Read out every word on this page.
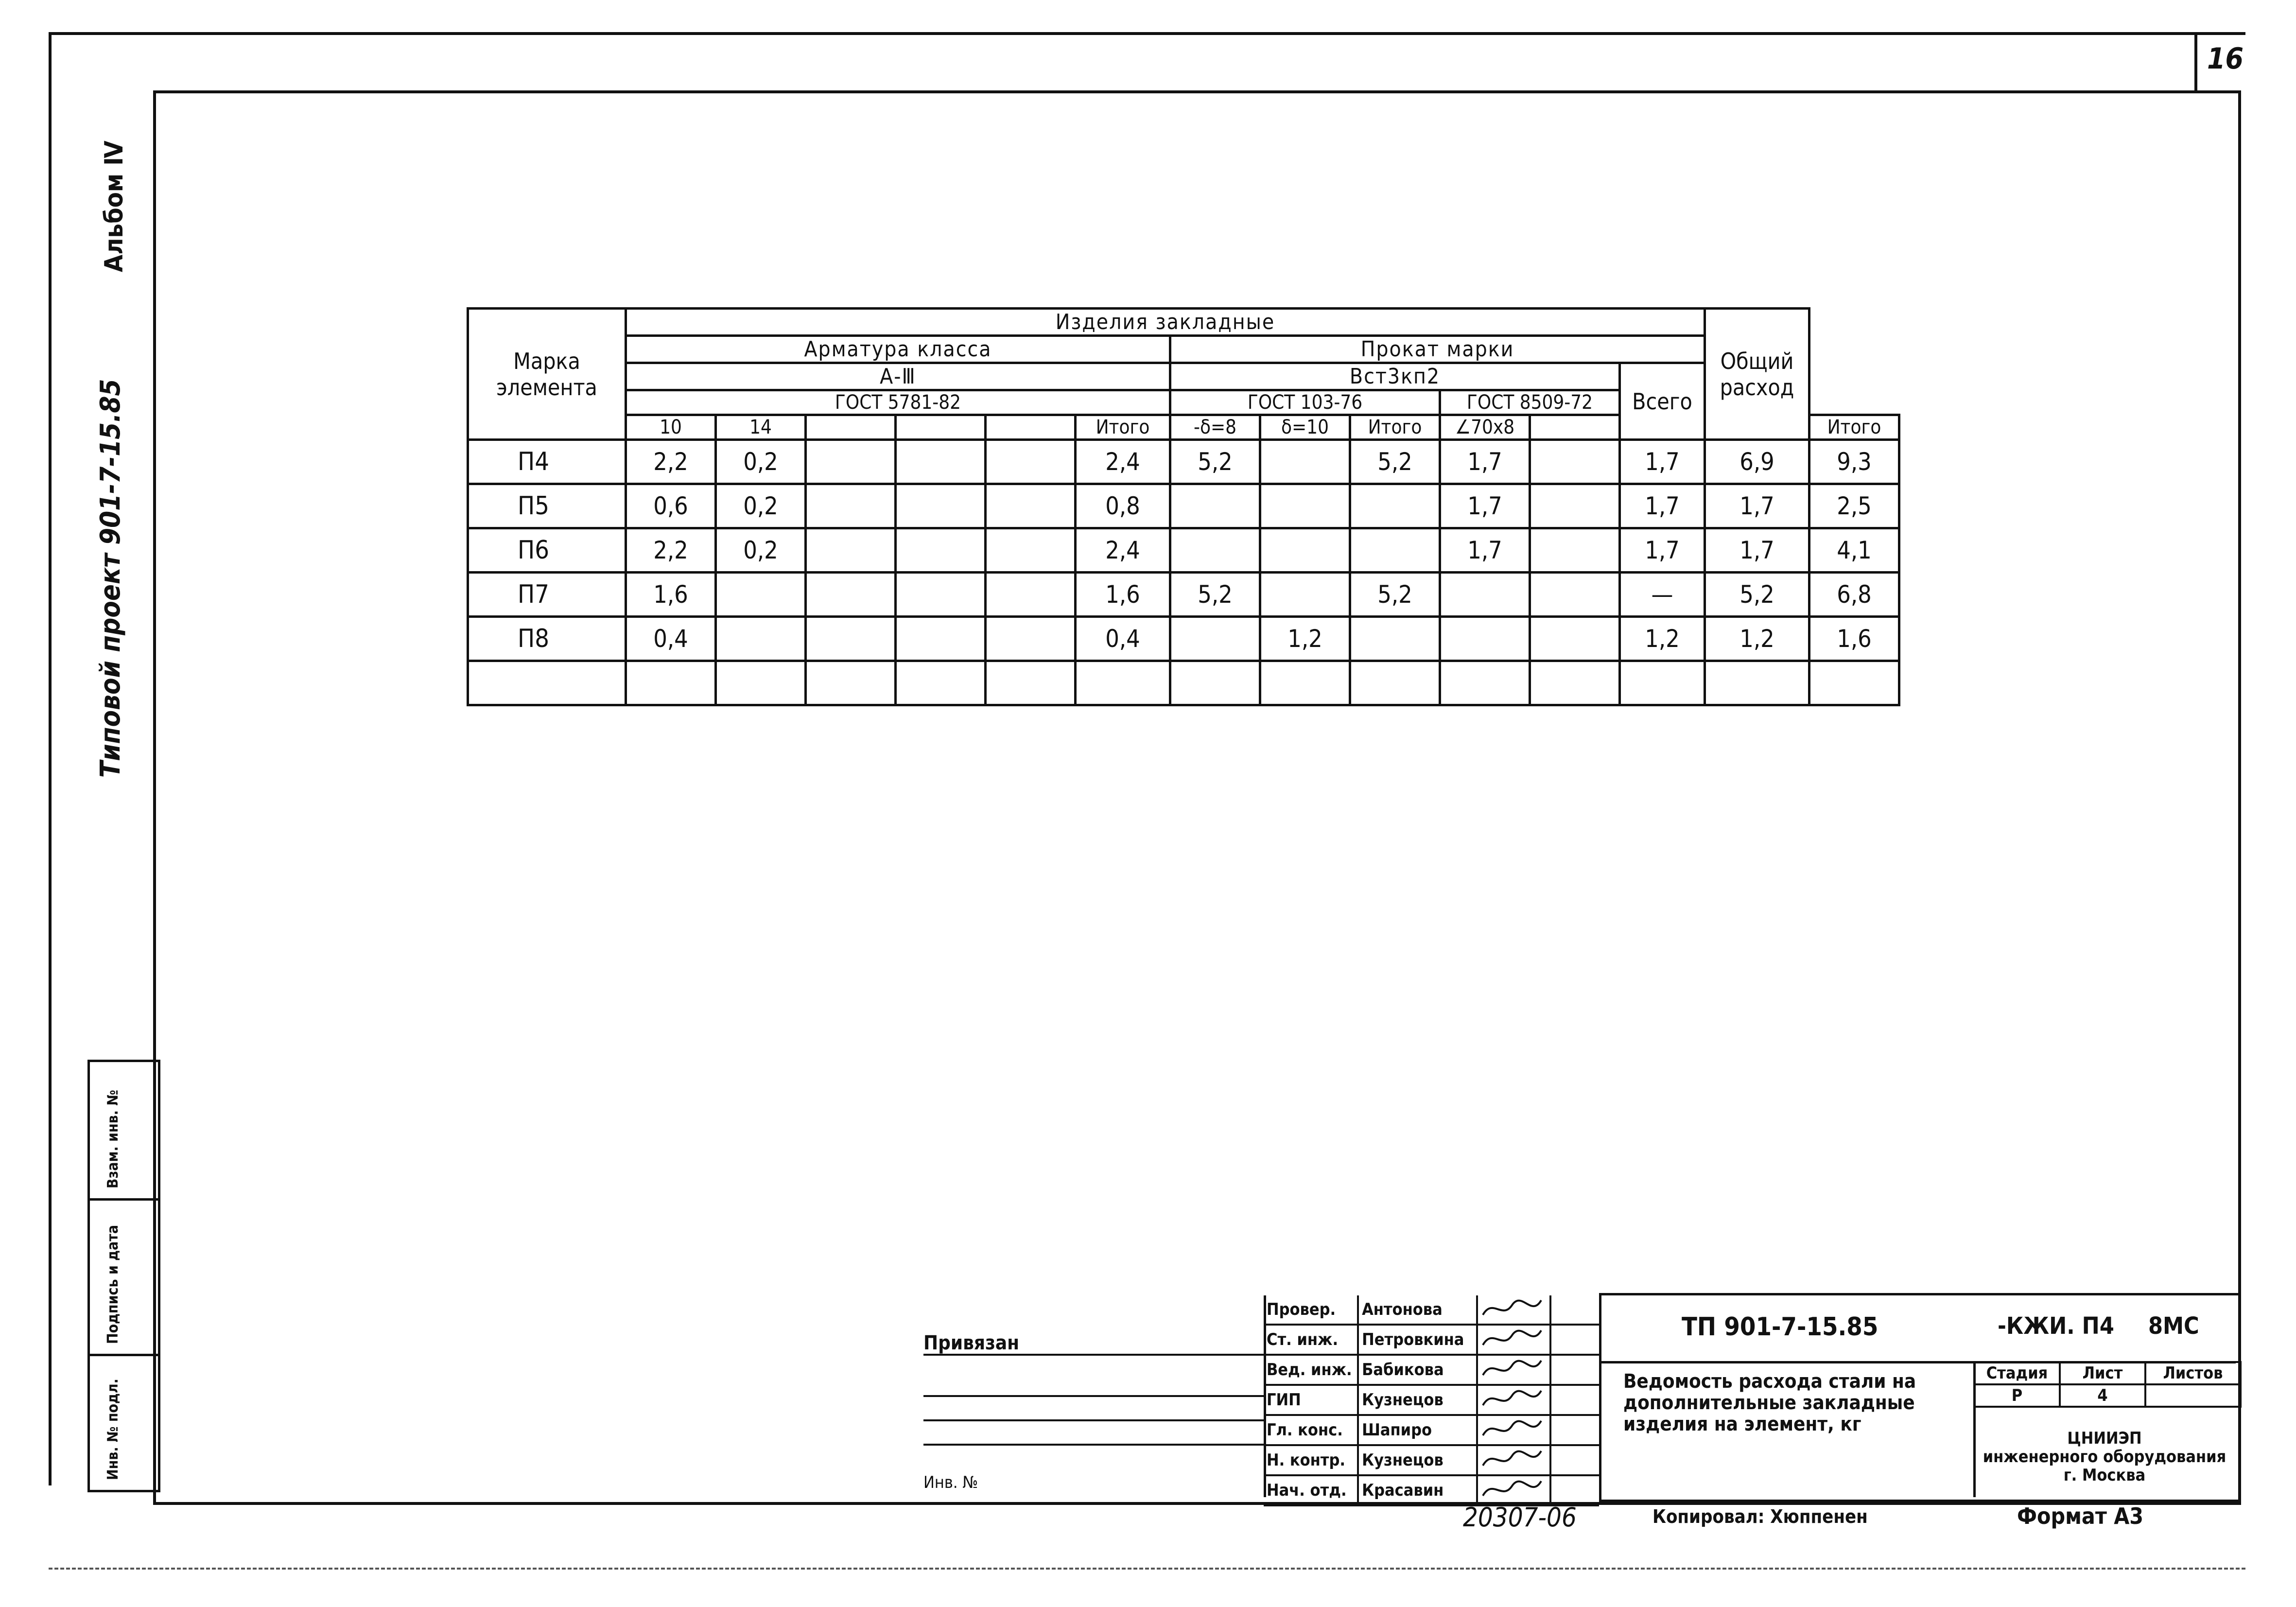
16
Альбом Ⅳ
Типовой проект 901-7-15.85
Взам. инв. №
Подпись и дата
Инв. № подл.
Марка элемента	Изделия закладные												Общий расход	
	Арматура класса						Прокат марки							
	А-Ⅲ						Вст3кп2					Всего		
	ГОСТ 5781-82						ГОСТ 103-76			ГОСТ 8509-72				
	10	14				Итого	-δ=8	δ=10	Итого	∠70x8				Итого
П4	2,2	0,2				2,4	5,2		5,2	1,7		1,7	6,9	9,3
П5	0,6	0,2				0,8				1,7		1,7	1,7	2,5
П6	2,2	0,2				2,4				1,7		1,7	1,7	4,1
П7	1,6					1,6	5,2		5,2			—	5,2	6,8
П8	0,4					0,4		1,2				1,2	1,2	1,6

Привязан
Инв. №
Провер.	Антонова
Ст. инж.	Петровкина
Вед. инж. Бабикова
ГИП	Кузнецов
Гл. конс.	Шапиро
Н. контр.	Кузнецов
Нач. отд. Красавин
ТП 901-7-15.85	-КЖИ. П4 8МС
Ведомость расхода стали на дополнительные закладные изделия на элемент, кг
Стадия	Лист	Листов
Р	4	
ЦНИИЭП
инженерного оборудования
г. Москва
20307-06	Копировал: Хюппенен	Формат А3
